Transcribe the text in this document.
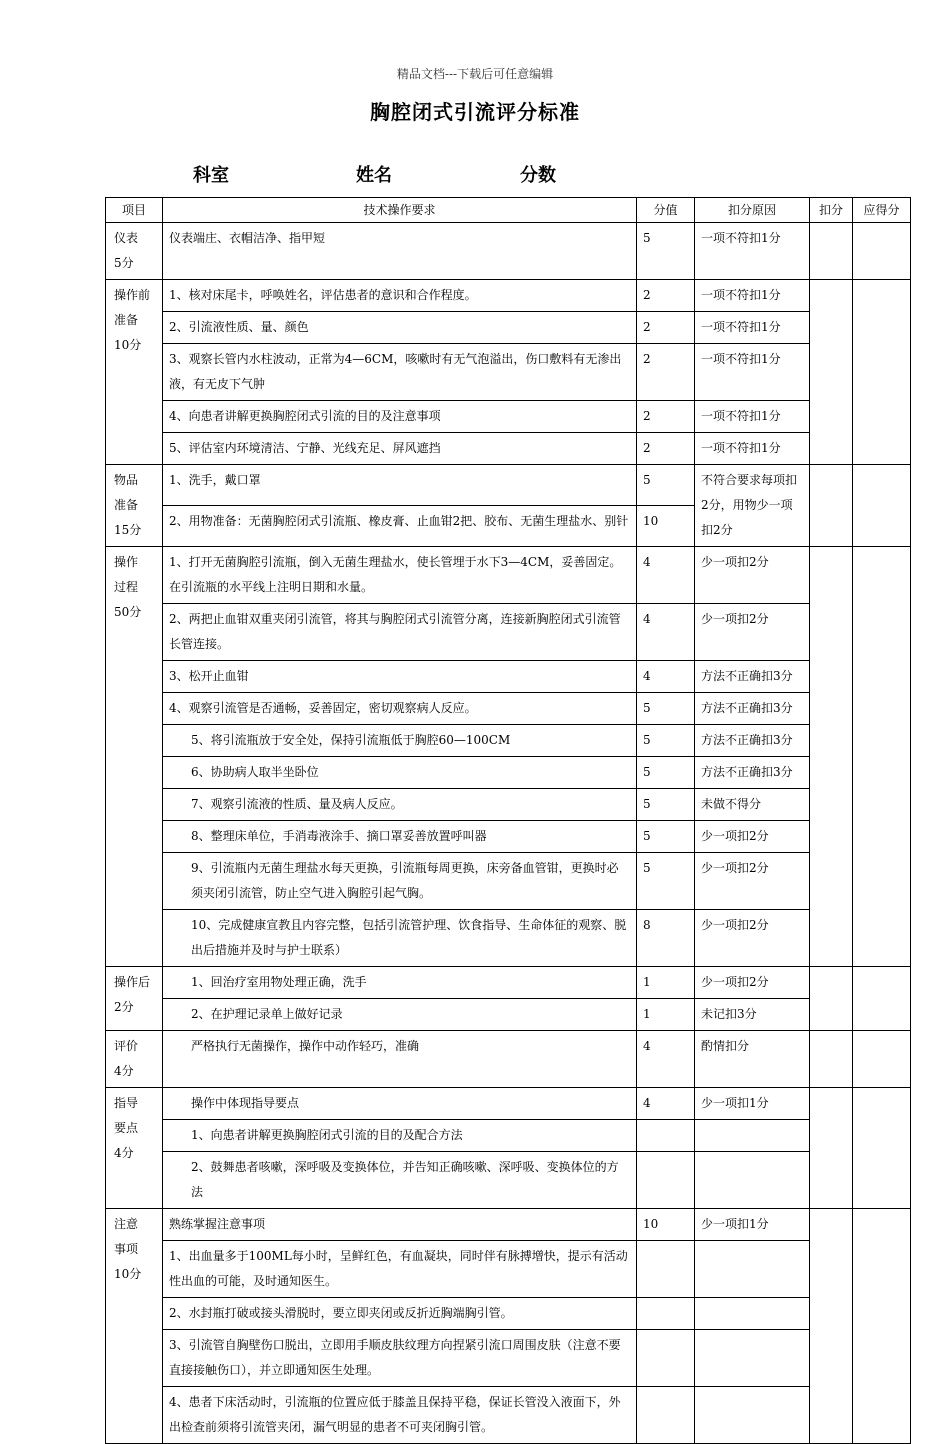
精品文档---下载后可任意编辑
胸腔闭式引流评分标准
科室	姓名	分数
项目	技术操作要求	分值	扣分原因	扣分	应得分
仪表
5分	仪表端庄、衣帽洁净、指甲短	5	一项不符扣1分		
操作前
准备
10分	1、核对床尾卡，呼唤姓名，评估患者的意识和合作程度。	2	一项不符扣1分		
	2、引流液性质、量、颜色	2	一项不符扣1分		
	3、观察长管内水柱波动，正常为4—6CM，咳嗽时有无气泡溢出，伤口敷料有无渗出液，有无皮下气肿	2	一项不符扣1分		
	4、向患者讲解更换胸腔闭式引流的目的及注意事项	2	一项不符扣1分		
	5、评估室内环境清洁、宁静、光线充足、屏风遮挡	2	一项不符扣1分		
物品
准备
15分	1、洗手，戴口罩	5	不符合要求每项扣2分，用物少一项扣2分		
	2、用物准备：无菌胸腔闭式引流瓶、橡皮膏、止血钳2把、胶布、无菌生理盐水、别针	10			
操作
过程
50分	1、打开无菌胸腔引流瓶，倒入无菌生理盐水，使长管埋于水下3—4CM，妥善固定。在引流瓶的水平线上注明日期和水量。	4	少一项扣2分		
	2、两把止血钳双重夹闭引流管，将其与胸腔闭式引流管分离，连接新胸腔闭式引流管长管连接。	4	少一项扣2分		
	3、松开止血钳	4	方法不正确扣3分		
	4、观察引流管是否通畅，妥善固定，密切观察病人反应。	5	方法不正确扣3分		
	5、将引流瓶放于安全处，保持引流瓶低于胸腔60—100CM	5	方法不正确扣3分		
	6、协助病人取半坐卧位	5	方法不正确扣3分		
	7、观察引流液的性质、量及病人反应。	5	未做不得分		
	8、整理床单位，手消毒液涂手、摘口罩妥善放置呼叫器	5	少一项扣2分		
	9、引流瓶内无菌生理盐水每天更换，引流瓶每周更换，床旁备血管钳，更换时必须夹闭引流管，防止空气进入胸腔引起气胸。	5	少一项扣2分		
	10、完成健康宣教且内容完整，包括引流管护理、饮食指导、生命体征的观察、脱出后措施并及时与护士联系）	8	少一项扣2分		
操作后
2分	1、回治疗室用物处理正确，洗手	1	少一项扣2分		
	2、在护理记录单上做好记录	1	未记扣3分		
评价
4分	严格执行无菌操作，操作中动作轻巧，准确	4	酌情扣分		
指导
要点
4分	操作中体现指导要点	4	少一项扣1分		
	1、向患者讲解更换胸腔闭式引流的目的及配合方法				
	2、鼓舞患者咳嗽，深呼吸及变换体位，并告知正确咳嗽、深呼吸、变换体位的方法				
注意
事项
10分	熟练掌握注意事项	10	少一项扣1分		
	1、出血量多于100ML每小时，呈鲜红色，有血凝块，同时伴有脉搏增快，提示有活动性出血的可能，及时通知医生。				
	2、水封瓶打破或接头滑脱时，要立即夹闭或反折近胸端胸引管。				
	3、引流管自胸壁伤口脱出，立即用手顺皮肤纹理方向捏紧引流口周围皮肤（注意不要直接接触伤口），并立即通知医生处理。				
	4、患者下床活动时，引流瓶的位置应低于膝盖且保持平稳，保证长管没入液面下，外出检查前须将引流管夹闭，漏气明显的患者不可夹闭胸引管。				
